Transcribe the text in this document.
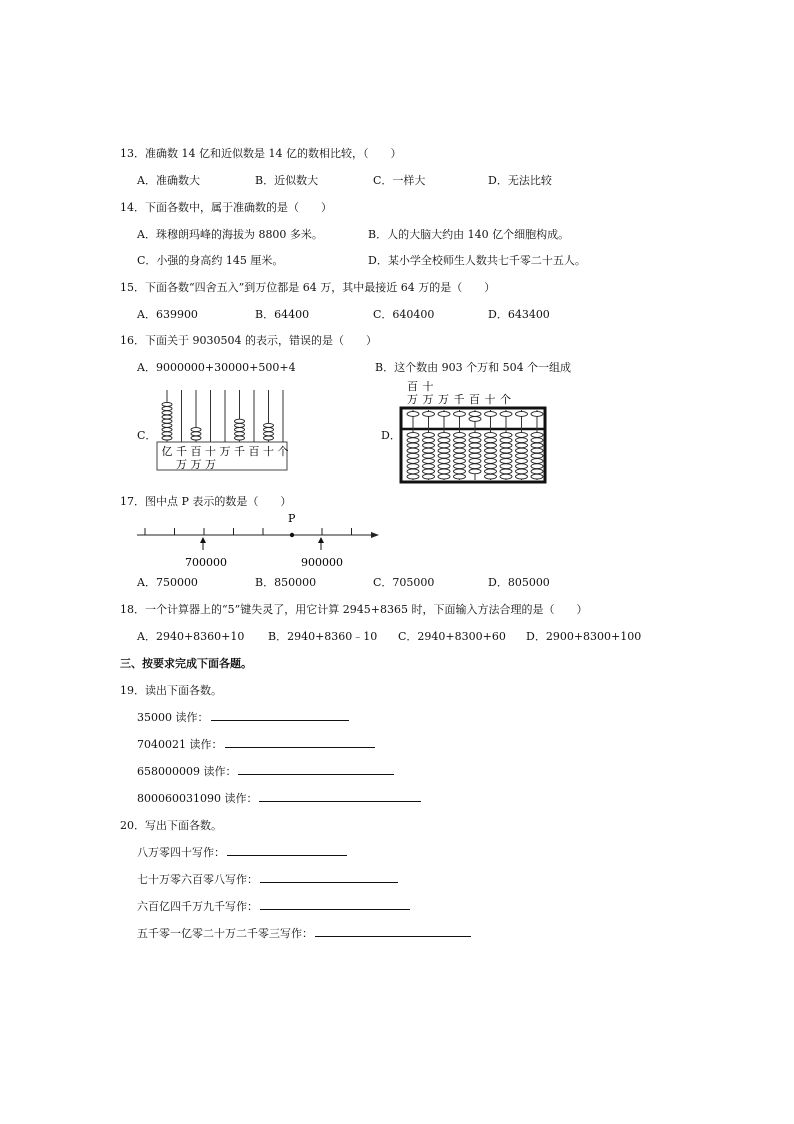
13．准确数 14 亿和近似数是 14 亿的数相比较，（　　）
A．准确数大	B．近似数大	C．一样大	D．无法比较
14．下面各数中，属于准确数的是（　　）
A．珠穆朗玛峰的海拔为 8800 多米。	B．人的大脑大约由 140 亿个细胞构成。
C．小强的身高约 145 厘米。	D．某小学全校师生人数共七千零二十五人。
15．下面各数“四舍五入”到万位都是 64 万，其中最接近 64 万的是（　　）
A．639900	B．64400	C．640400	D．643400
16．下面关于 9030504 的表示，错误的是（　　）
A．9000000+30000+500+4	B．这个数由 903 个万和 504 个一组成
C．	D．
亿 千 百 十 万 千 百 十 个
万 万 万
百 十
万 万 万 千 百 十 个
17．图中点 P 表示的数是（　　）
P
700000	900000
A．750000	B．850000	C．705000	D．805000
18．一个计算器上的“5”键失灵了，用它计算 2945+8365 时，下面输入方法合理的是（　　）
A．2940+8360+10 B．2940+8360﹣10 C．2940+8300+60 D．2900+8300+100
三、按要求完成下面各题。
19．读出下面各数。
35000 读作：
7040021 读作：
658000009 读作：
800060031090 读作：
20．写出下面各数。
八万零四十写作：
七十万零六百零八写作：
六百亿四千万九千写作：
五千零一亿零二十万二千零三写作：
